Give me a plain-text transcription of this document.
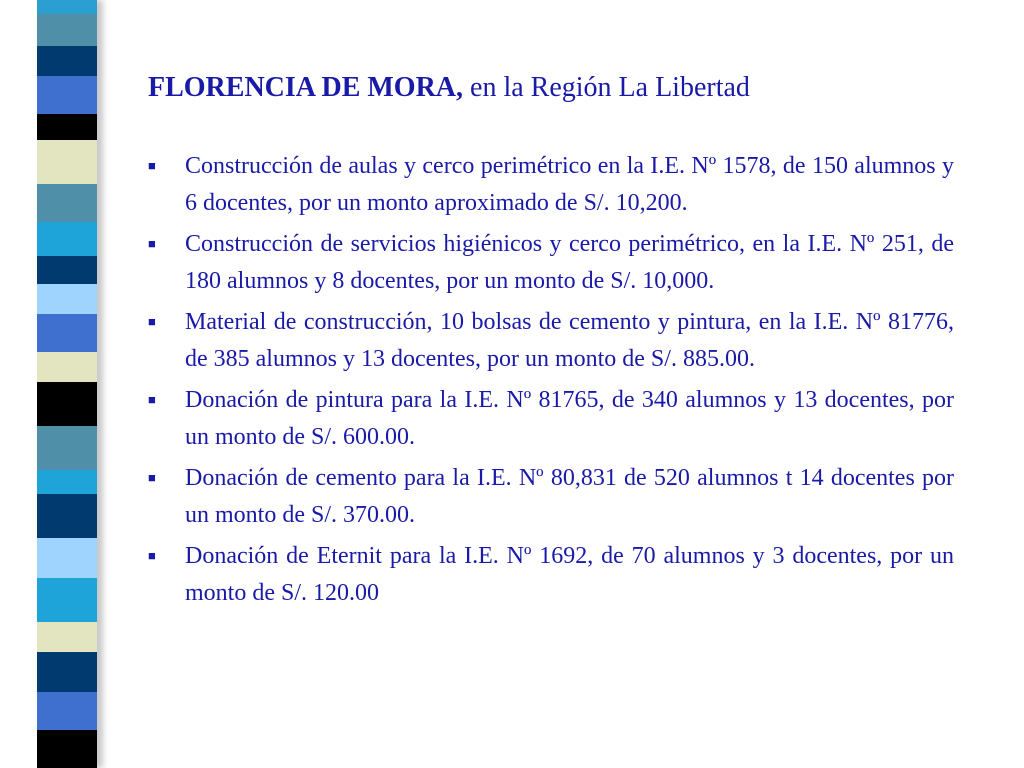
FLORENCIA DE MORA, en la Región La Libertad
■	Construcción de aulas y cerco perimétrico en la I.E. Nº 1578, de 150 alumnos y 6 docentes, por un monto aproximado de S/. 10,200.
■	Construcción de servicios higiénicos y cerco perimétrico, en la I.E. Nº 251, de 180 alumnos y 8 docentes, por un monto de S/. 10,000.
■	Material de construcción, 10 bolsas de cemento y pintura, en la I.E. Nº 81776, de 385 alumnos y 13 docentes, por un monto de S/. 885.00.
■	Donación de pintura para la I.E. Nº 81765, de 340 alumnos y 13 docentes, por un monto de S/. 600.00.
■	Donación de cemento para la I.E. Nº 80,831 de 520 alumnos t 14 docentes por un monto de S/. 370.00.
■	Donación de Eternit para la I.E. Nº 1692, de 70 alumnos y 3 docentes, por un monto de S/. 120.00
